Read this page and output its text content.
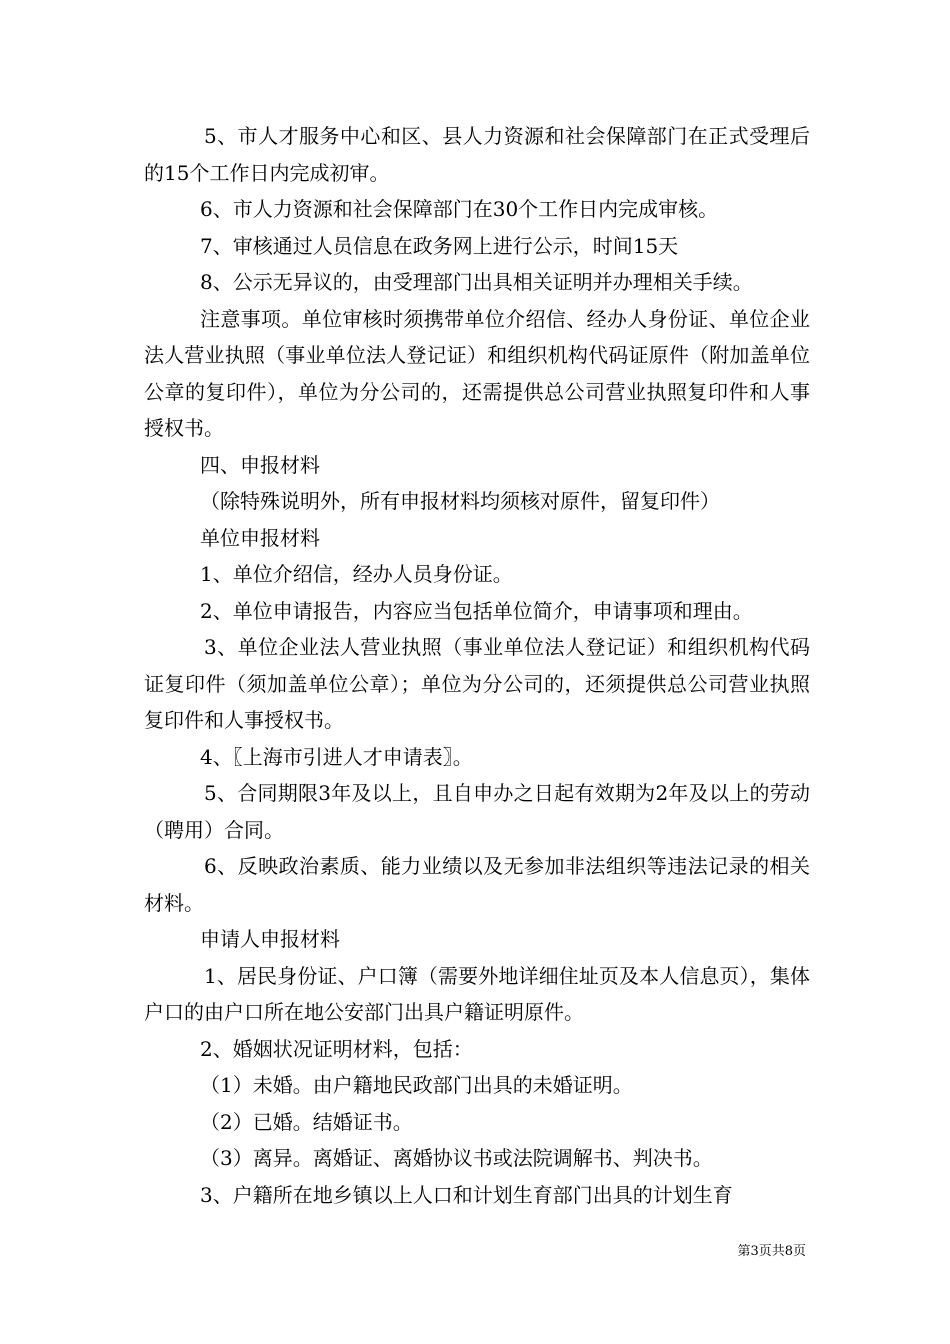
5、市人才服务中心和区、县人力资源和社会保障部门在正式受理后的15个工作日内完成初审。

6、市人力资源和社会保障部门在30个工作日内完成审核。

7、审核通过人员信息在政务网上进行公示，时间15天

8、公示无异议的，由受理部门出具相关证明并办理相关手续。

注意事项。单位审核时须携带单位介绍信、经办人身份证、单位企业法人营业执照（事业单位法人登记证）和组织机构代码证原件（附加盖单位公章的复印件），单位为分公司的，还需提供总公司营业执照复印件和人事授权书。

四、申报材料

（除特殊说明外，所有申报材料均须核对原件，留复印件）

单位申报材料

1、单位介绍信，经办人员身份证。

2、单位申请报告，内容应当包括单位简介，申请事项和理由。

3、单位企业法人营业执照（事业单位法人登记证）和组织机构代码证复印件（须加盖单位公章）；单位为分公司的，还须提供总公司营业执照复印件和人事授权书。

4、〖上海市引进人才申请表〗。

5、合同期限3年及以上，且自申办之日起有效期为2年及以上的劳动（聘用）合同。

6、反映政治素质、能力业绩以及无参加非法组织等违法记录的相关材料。

申请人申报材料

1、居民身份证、户口簿（需要外地详细住址页及本人信息页），集体户口的由户口所在地公安部门出具户籍证明原件。

2、婚姻状况证明材料，包括：

（1）未婚。由户籍地民政部门出具的未婚证明。

（2）已婚。结婚证书。

（3）离异。离婚证、离婚协议书或法院调解书、判决书。

3、户籍所在地乡镇以上人口和计划生育部门出具的计划生育

第3页共8页
